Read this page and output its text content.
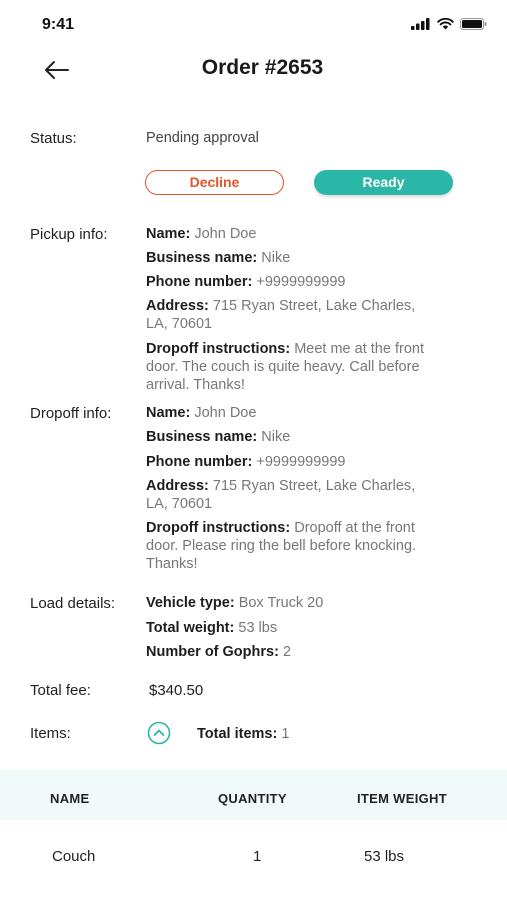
9:41
Order #2653
Status:	Pending approval
Decline	Ready
Pickup info:	Name: John Doe
Business name: Nike
Phone number: +9999999999
Address: 715 Ryan Street, Lake Charles,
LA, 70601
Dropoff instructions: Meet me at the front
door. The couch is quite heavy. Call before
arrival. Thanks!
Dropoff info: Name: John Doe
Business name: Nike
Phone number: +9999999999
Address: 715 Ryan Street, Lake Charles,
LA, 70601
Dropoff instructions: Dropoff at the front
door. Please ring the bell before knocking.
Thanks!
Load details: Vehicle type: Box Truck 20
Total weight: 53 lbs
Number of Gophrs: 2
Total fee:	$340.50
Items:	Total items: 1
NAME	QUANTITY	ITEM WEIGHT
Couch	1	53 lbs
